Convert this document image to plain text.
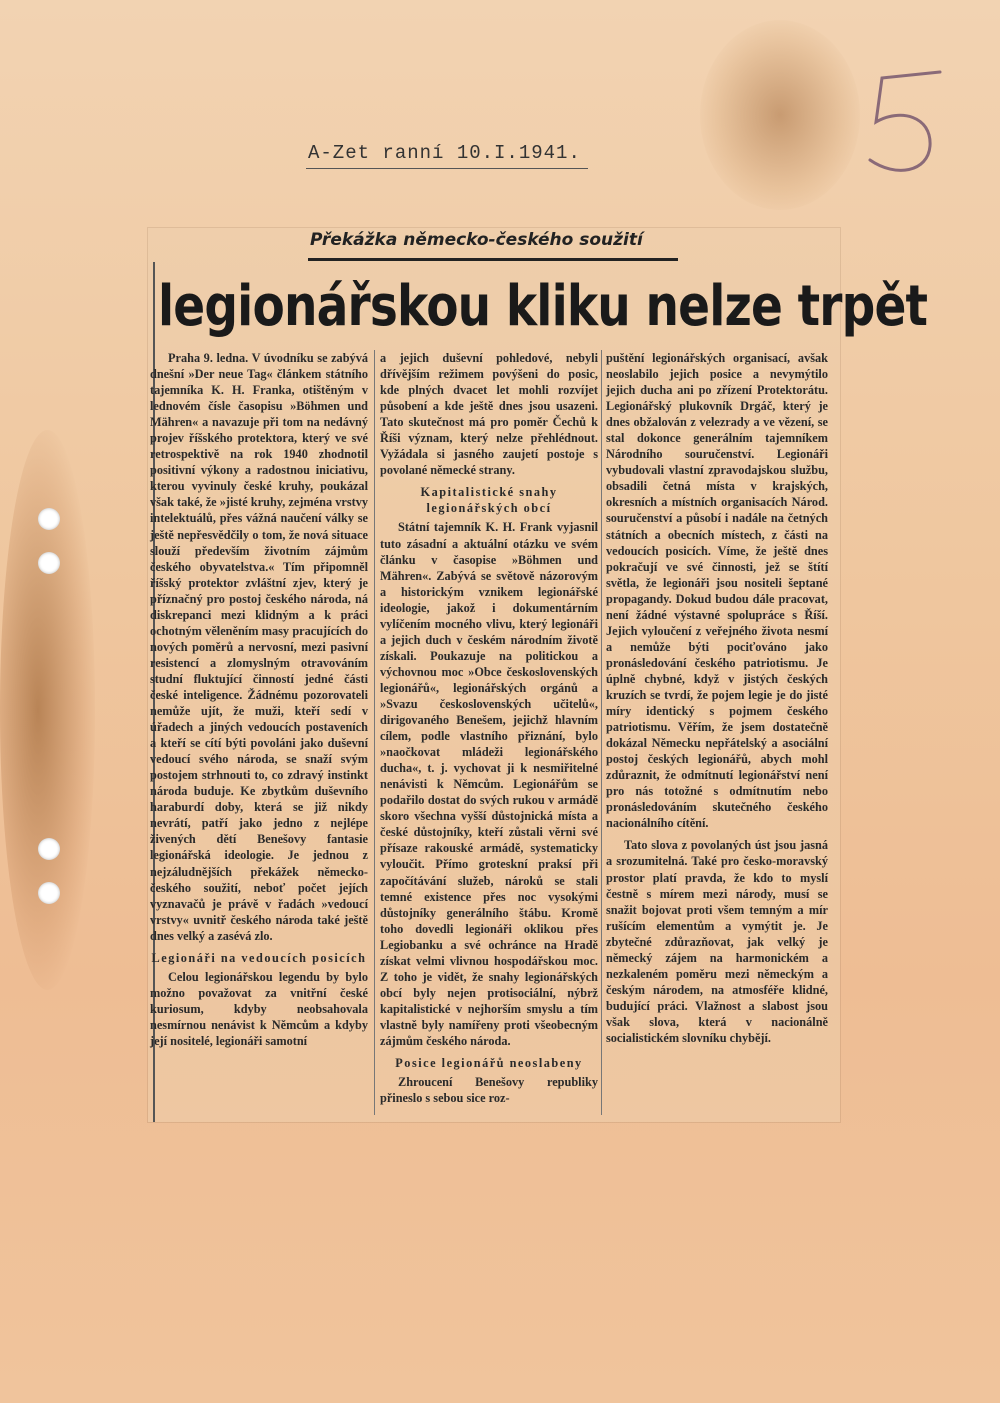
A-Zet ranní 10.I.1941.
Překážka německo-českého soužití
legionářskou kliku nelze trpět

Praha 9. ledna. V úvodníku se zabývá dnešní »Der neue Tag« článkem státního tajemníka K. H. Franka, otištěným v lednovém čísle časopisu »Böhmen und Mähren« a navazuje při tom na nedávný projev říšského protektora, který ve své retrospektivě na rok 1940 zhodnotil positivní výkony a radostnou iniciativu, kterou vyvinuly české kruhy, poukázal však také, že »jisté kruhy, zejména vrstvy intelektuálů, přes vážná naučení války se ještě nepřesvědčily o tom, že nová situace slouží především životním zájmům českého obyvatelstva.« Tím připomněl říšský protektor zvláštní zjev, který je příznačný pro postoj českého národa, ná diskrepanci mezi klidným a k práci ochotným věleněním masy pracujících do nových poměrů a nervosní, mezi pasivní resistencí a zlomyslným otravováním studní fluktující činností jedné části české inteligence. Žádnému pozorovateli nemůže ujít, že muži, kteří sedí v úřadech a jiných vedoucích postaveních a kteří se cítí býti povoláni jako duševní vedoucí svého národa, se snaží svým postojem strhnouti to, co zdravý instinkt národa buduje. Ke zbytkům duševního haraburdí doby, která se již nikdy nevrátí, patří jako jedno z nejlépe živených dětí Benešovy fantasie legionářská ideologie. Je jednou z nejzáludnějších překážek německo-českého soužití, neboť počet jejích vyznavačů je právě v řadách »vedoucí vrstvy« uvnitř českého národa také ještě dnes velký a zasévá zlo.

Legionáři na vedoucích posicích

Celou legionářskou legendu by bylo možno považovat za vnitřní české kuriosum, kdyby neobsahovala nesmírnou nenávist k Němcům a kdyby její nositelé, legionáři samotní

a jejich duševní pohledové, nebyli dřívějším režimem povýšeni do posic, kde plných dvacet let mohli rozvíjet působení a kde ještě dnes jsou usazeni. Tato skutečnost má pro poměr Čechů k Říši význam, který nelze přehlédnout. Vyžádala si jasného zaujetí postoje s povolané německé strany.

Kapitalistické snahy legionářských obcí

Státní tajemník K. H. Frank vyjasnil tuto zásadní a aktuální otázku ve svém článku v časopise »Böhmen und Mähren«. Zabývá se světově názorovým a historickým vznikem legionářské ideologie, jakož i dokumentárním vylíčením mocného vlivu, který legionáři a jejich duch v českém národním životě získali. Poukazuje na politickou a výchovnou moc »Obce československých legionářů«, legionářských orgánů a »Svazu československých učitelů«, dirigovaného Benešem, jejichž hlavním cílem, podle vlastního přiznání, bylo »naočkovat mládeži legionářského ducha«, t. j. vychovat ji k nesmiřitelné nenávisti k Němcům. Legionářům se podařilo dostat do svých rukou v armádě skoro všechna vyšší důstojnická místa a české důstojníky, kteří zůstali věrni své přísaze rakouské armádě, systematicky vyloučit. Přímo groteskní praksí při započítávání služeb, nároků se stali temné existence přes noc vysokými důstojníky generálního štábu. Kromě toho dovedli legionáři oklikou přes Legiobanku a své ochránce na Hradě získat velmi vlivnou hospodářskou moc. Z toho je vidět, že snahy legionářských obcí byly nejen protisociální, nýbrž kapitalistické v nejhorším smyslu a tím vlastně byly namířeny proti všeobecným zájmům českého národa.

Posice legionářů neoslabeny

Zhroucení Benešovy republiky přineslo s sebou sice roz-

puštění legionářských organisací, avšak neoslabilo jejich posice a nevymýtilo jejich ducha ani po zřízení Protektorátu. Legionářský plukovník Drgáč, který je dnes obžalován z velezrady a ve vězení, se stal dokonce generálním tajemníkem Národního souručenství. Legionáři vybudovali vlastní zpravodajskou službu, obsadili četná místa v krajských, okresních a místních organisacích Národ. souručenství a působí i nadále na četných státních a obecních místech, z části na vedoucích posicích. Víme, že ještě dnes pokračují ve své činnosti, jež se štítí světla, že legionáři jsou nositeli šeptané propagandy. Dokud budou dále pracovat, není žádné výstavné spolupráce s Říší. Jejich vyloučení z veřejného života nesmí a nemůže býti pociťováno jako pronásledování českého patriotismu. Je úplně chybné, když v jistých českých kruzích se tvrdí, že pojem legie je do jisté míry identický s pojmem českého patriotismu. Věřím, že jsem dostatečně dokázal Německu nepřátelský a asociální postoj českých legionářů, abych mohl zdůraznit, že odmítnutí legionářství není pro nás totožné s odmítnutím nebo pronásledováním skutečného českého nacionálního cítění.

Tato slova z povolaných úst jsou jasná a srozumitelná. Také pro česko-moravský prostor platí pravda, že kdo to myslí čestně s mírem mezi národy, musí se snažit bojovat proti všem temným a mír rušícím elementům a vymýtit je. Je zbytečné zdůrazňovat, jak velký je německý zájem na harmonickém a nezkaleném poměru mezi německým a českým národem, na atmosféře klidné, budující práci. Vlažnost a slabost jsou však slova, která v nacionálně socialistickém slovníku chybějí.
